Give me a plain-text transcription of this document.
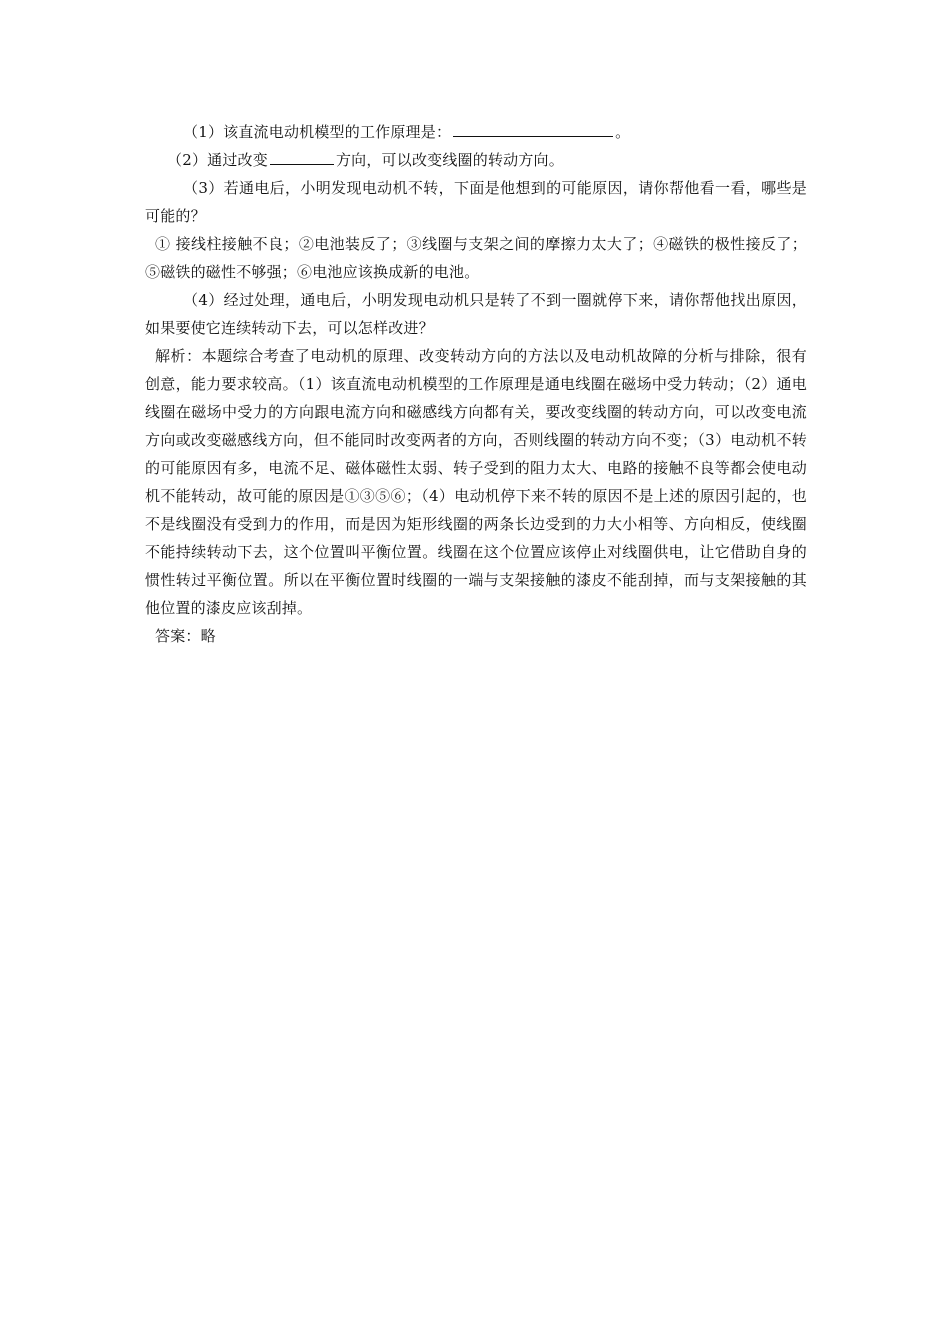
（1）该直流电动机模型的工作原理是：	。

（2）通过改变	方向，可以改变线圈的转动方向。

（3）若通电后，小明发现电动机不转，下面是他想到的可能原因，请你帮他看一看，哪些是可能的？

① 接线柱接触不良；②电池装反了；③线圈与支架之间的摩擦力太大了；④磁铁的极性接反了；⑤磁铁的磁性不够强；⑥电池应该换成新的电池。

（4）经过处理，通电后，小明发现电动机只是转了不到一圈就停下来，请你帮他找出原因，如果要使它连续转动下去，可以怎样改进？

解析：本题综合考查了电动机的原理、改变转动方向的方法以及电动机故障的分析与排除，很有创意，能力要求较高。（1）该直流电动机模型的工作原理是通电线圈在磁场中受力转动；（2）通电线圈在磁场中受力的方向跟电流方向和磁感线方向都有关，要改变线圈的转动方向，可以改变电流方向或改变磁感线方向，但不能同时改变两者的方向，否则线圈的转动方向不变；（3）电动机不转的可能原因有多，电流不足、磁体磁性太弱、转子受到的阻力太大、电路的接触不良等都会使电动机不能转动，故可能的原因是①③⑤⑥；（4）电动机停下来不转的原因不是上述的原因引起的，也不是线圈没有受到力的作用，而是因为矩形线圈的两条长边受到的力大小相等、方向相反，使线圈不能持续转动下去，这个位置叫平衡位置。线圈在这个位置应该停止对线圈供电，让它借助自身的惯性转过平衡位置。所以在平衡位置时线圈的一端与支架接触的漆皮不能刮掉，而与支架接触的其他位置的漆皮应该刮掉。

答案：略
